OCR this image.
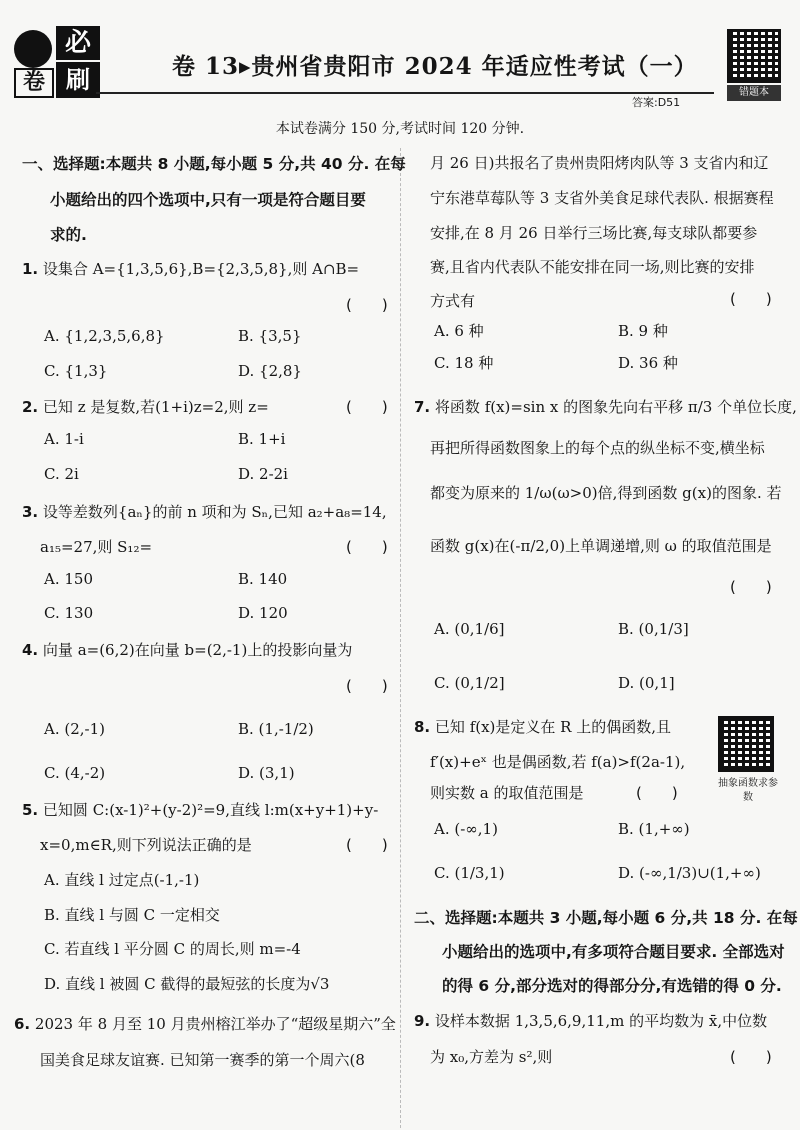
必
卷 刷	卷 13▸贵州省贵阳市 2024 年适应性考试（一）
答案:D51
错题本
本试卷满分 150 分,考试时间 120 分钟.
一、选择题:本题共 8 小题,每小题 5 分,共 40 分. 在每
小题给出的四个选项中,只有一项是符合题目要
求的.
1. 设集合 A={1,3,5,6},B={2,3,5,8},则 A∩B=
(　　)
A. {1,2,3,5,6,8}	B. {3,5}
C. {1,3}	D. {2,8}
2. 已知 z 是复数,若(1+i)z=2,则 z=	(　　)
A. 1-i	B. 1+i
C. 2i	D. 2-2i
3. 设等差数列{aₙ}的前 n 项和为 Sₙ,已知 a₂+a₈=14,
a₁₅=27,则 S₁₂=	(　　)
A. 150	B. 140
C. 130	D. 120
4. 向量 a=(6,2)在向量 b=(2,-1)上的投影向量为
(　　)
A. (2,-1)	B. (1,-1/2)
C. (4,-2)	D. (3,1)
5. 已知圆 C:(x-1)²+(y-2)²=9,直线 l:m(x+y+1)+y-
x=0,m∈R,则下列说法正确的是	(　　)
A. 直线 l 过定点(-1,-1)
B. 直线 l 与圆 C 一定相交
C. 若直线 l 平分圆 C 的周长,则 m=-4
D. 直线 l 被圆 C 截得的最短弦的长度为√3
6. 2023 年 8 月至 10 月贵州榕江举办了“超级星期六”全
国美食足球友谊赛. 已知第一赛季的第一个周六(8
月 26 日)共报名了贵州贵阳烤肉队等 3 支省内和辽
宁东港草莓队等 3 支省外美食足球代表队. 根据赛程
安排,在 8 月 26 日举行三场比赛,每支球队都要参
赛,且省内代表队不能安排在同一场,则比赛的安排
方式有	(　　)
A. 6 种	B. 9 种
C. 18 种	D. 36 种
7. 将函数 f(x)=sin x 的图象先向右平移 π/3 个单位长度,
再把所得函数图象上的每个点的纵坐标不变,横坐标
都变为原来的 1/ω(ω>0)倍,得到函数 g(x)的图象. 若
函数 g(x)在(-π/2,0)上单调递增,则 ω 的取值范围是
(　　)
A. (0,1/6]	B. (0,1/3]
C. (0,1/2]	D. (0,1]
8. 已知 f(x)是定义在 R 上的偶函数,且
f′(x)+eˣ 也是偶函数,若 f(a)>f(2a-1),
则实数 a 的取值范围是	(　　)
A. (-∞,1)	B. (1,+∞)
C. (1/3,1)	D. (-∞,1/3)∪(1,+∞)
二、选择题:本题共 3 小题,每小题 6 分,共 18 分. 在每
小题给出的选项中,有多项符合题目要求. 全部选对
的得 6 分,部分选对的得部分分,有选错的得 0 分.
9. 设样本数据 1,3,5,6,9,11,m 的平均数为 x̄,中位数
为 x₀,方差为 s²,则	(　　)
抽象函数求参数
